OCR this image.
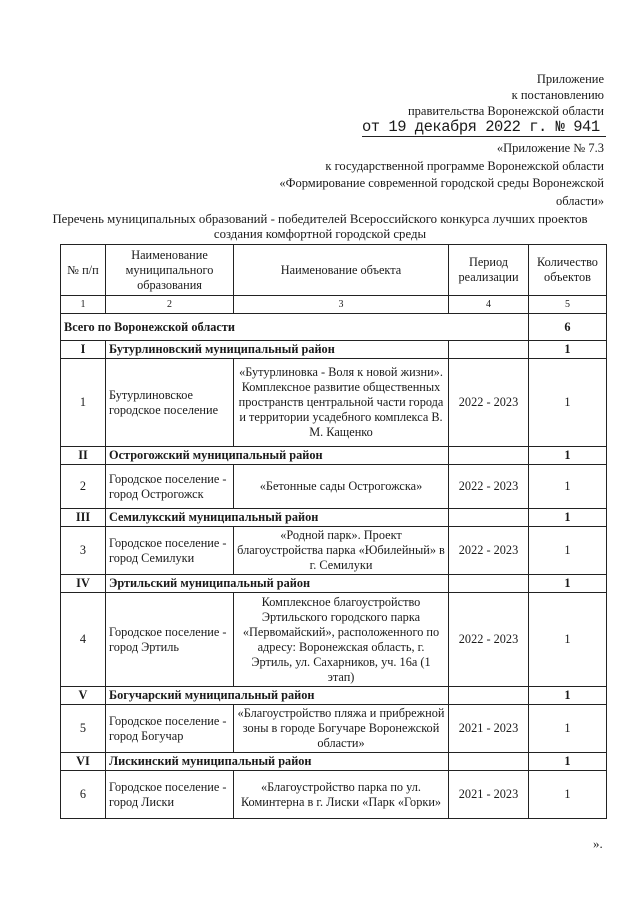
Приложение
к постановлению
правительства Воронежской области
от 19 декабря 2022 г. № 941
«Приложение № 7.3
к государственной программе Воронежской области
«Формирование современной городской среды Воронежской
области»
Перечень муниципальных образований - победителей Всероссийского конкурса лучших проектов
создания комфортной городской среды
№ п/п	Наименование муниципального образования	Наименование объекта	Период реализации	Количество объектов
1	2	3	4	5
Всего по Воронежской области				6
I	Бутурлиновский муниципальный район			1
1	Бутурлиновское городское поселение	«Бутурлиновка - Воля к новой жизни». Комплексное развитие общественных пространств центральной части города и территории усадебного комплекса В. М. Кащенко	2022 - 2023	1
II	Острогожский муниципальный район			1
2	Городское поселение - город Острогожск	«Бетонные сады Острогожска»	2022 - 2023	1
III	Семилукский муниципальный район			1
3	Городское поселение - город Семилуки	«Родной парк». Проект благоустройства парка «Юбилейный» в г. Семилуки	2022 - 2023	1
IV	Эртильский муниципальный район			1
4	Городское поселение - город Эртиль	Комплексное благоустройство Эртильского городского парка «Первомайский», расположенного по адресу: Воронежская область, г. Эртиль, ул. Сахарников, уч. 16а (1 этап)	2022 - 2023	1
V	Богучарский муниципальный район			1
5	Городское поселение - город Богучар	«Благоустройство пляжа и прибрежной зоны в городе Богучаре Воронежской области»	2021 - 2023	1
VI	Лискинский муниципальный район			1
6	Городское поселение - город Лиски	«Благоустройство парка по ул. Коминтерна в г. Лиски «Парк «Горки»	2021 - 2023	1
».
